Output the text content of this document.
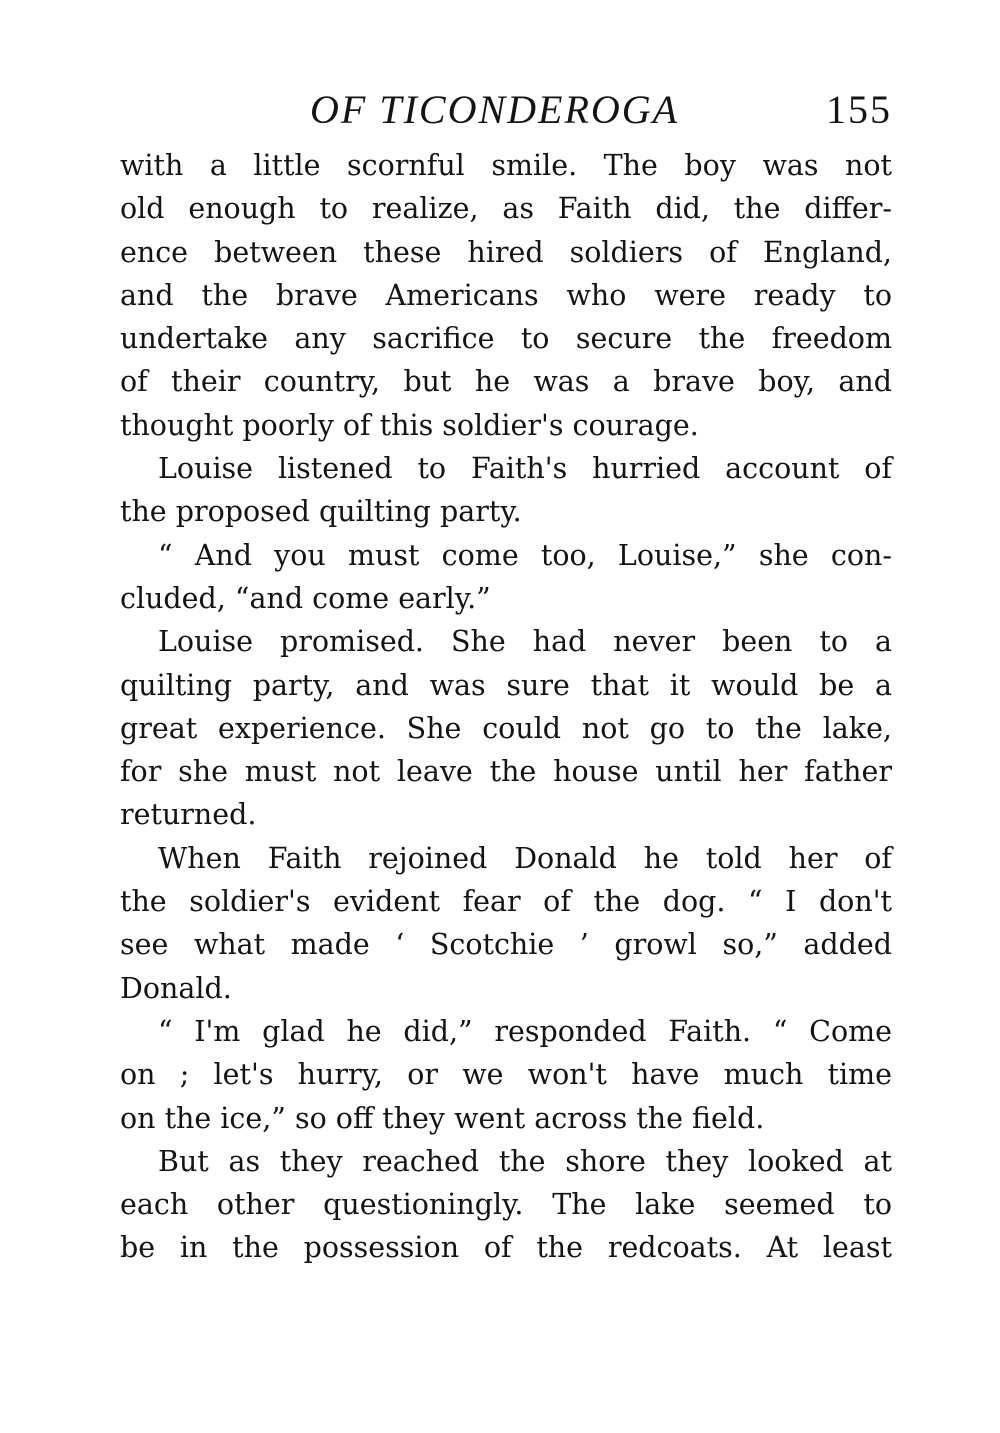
OF TICONDEROGA	155

with a little scornful smile. The boy was not
old enough to realize, as Faith did, the differ-
ence between these hired soldiers of England,
and the brave Americans who were ready to
undertake any sacrifice to secure the freedom
of their country, but he was a brave boy, and
thought poorly of this soldier's courage.

Louise listened to Faith's hurried account of
the proposed quilting party.

“ And you must come too, Louise,” she con-
cluded, “and come early.”

Louise promised. She had never been to a
quilting party, and was sure that it would be a
great experience. She could not go to the lake,
for she must not leave the house until her father
returned.

When Faith rejoined Donald he told her of
the soldier's evident fear of the dog. “ I don't
see what made ‘ Scotchie ’ growl so,” added
Donald.

“ I'm glad he did,” responded Faith. “ Come
on ; let's hurry, or we won't have much time
on the ice,” so off they went across the field.

But as they reached the shore they looked at
each other questioningly. The lake seemed to
be in the possession of the redcoats. At least
